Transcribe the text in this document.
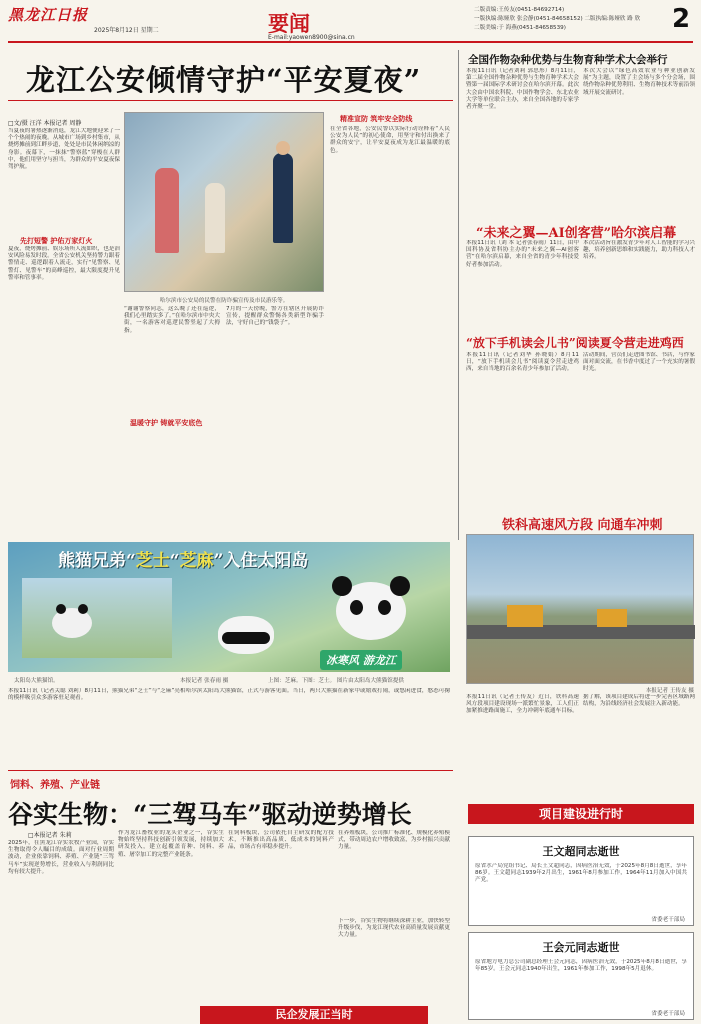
黑龙江日报
2025年8月12日 星期二	要闻
E-mail:yaowen8900@sina.cn
二版责编:王传友(0451-84692714)
一版执编:陈娅欣 张会静(0451-84658152) 二版执编:陈娅欣 路 欣
二版美编:于 海燕(0451-84658539)	2
龙江公安倾情守护“平安夏夜”
□文/摄 汪洋 本报记者 周静
当夏夜的暑热逐渐消退，龙江大地便迎来了一个个热闹的夜晚。从城市广场到乡村集市，从烧烤摊前到江畔步道，处处是市民休闲纳凉的身影。夜幕下，一抹抹“警察蓝”穿梭在人群中，他们用坚守与担当，为群众的平安夏夜保驾护航。
先打短警 护佑万家灯火
夏夜，烧烤摊前、娱乐场所人流如织，也是治安风险易发时段。全省公安机关坚持警力跟着警情走、巡逻跟着人流走，实行“见警察、见警灯、见警车”的高峰巡控，最大限度提升见警率和管事率。
哈尔滨市公安局的民警在防诈骗宣传及市民游乐等。
“谢谢警察同志，这么晚了还在巡逻，我们心里踏实多了。”在哈尔滨市中央大街，一名游客对巡逻民警竖起了大拇指。
温暖守护 铸就平安底色
7月的一天傍晚，警方在辖区开展防诈宣传，提醒群众警惕各类新型诈骗手法，守好自己的“钱袋子”。
精准宣防 筑牢安全防线
在全省各地，公安民警以实际行动诠释着“人民公安为人民”的初心使命，用坚守和付出换来了群众的安宁，让平安夏夜成为龙江最温暖的底色。
全国作物杂种优势与生物育种学术大会举行
本报11日讯（记者刘莉 郭思彤）8月11日，第二届全国作物杂种优势与生物育种学术大会暨第一届国际学术研讨会在哈尔滨开幕。此次大会由中国农科院、中国作物学会、东北农业大学等单位联合主办，来自全国各地的专家学者齐聚一堂。
本次大会以“绿色高效农业与种业创新发展”为主题，设置了主会场与多个分会场，围绕作物杂种优势利用、生物育种技术等前沿领域开展交流研讨。
“未来之翼—AI创客营”哈尔滨启幕
本报11日讯（刘 本 记者张春雨）11日，由中国科协及省科协主办的“未来之翼—AI创客营”在哈尔滨启幕，来自全省的青少年科技爱好者参加活动。
本次活动旨在激发青少年对人工智能的学习兴趣，培养创新思维和实践能力，助力科技人才培养。
“放下手机读会儿书”阅读夏令营走进鸡西
本报11日讯（记者刘华 孙晓娟）8月11日，“放下手机读会儿书”阅读夏令营走进鸡西，来自当地的百余名青少年参加了活动。
活动期间，营员们走进图书馆、书店，与作家面对面交流，在书香中度过了一个充实的暑假时光。
铁科高速风方段 向通车冲刺
本报记者 王传友 摄
本报11日讯（记者王传友）近日，铁科高速风方段项目建设现场一派繁忙景象，工人们正加紧推进路面施工，全力冲刺年底通车目标。
据了解，该项目建成后将进一步完善区域路网结构，为沿线经济社会发展注入新动能。
熊猫兄弟“芝士“芝麻”入住太阳岛
冰寒风 游龙江
太阳岛大熊猫馆。	本报记者 张春雨 摄	上图：芝麻。下图：芝士。 图片由太阳岛大熊猫馆提供
本报11日讯（记者关聪 刘莉）8月11日，熊猫兄弟“芝士”与“芝麻”亮相哈尔滨太阳岛大熊猫馆，正式与游客见面。当日，两只大熊猫在新家中或嬉戏打闹，或悠闲进食，憨态可掬的模样吸引众多游客驻足观看。
饲料、养殖、产业链
谷实生物：“三驾马车”驱动逆势增长
□本报记者 朱莉
2025年，在黑龙江谷实农牧产业园，谷实生物取得令人瞩目的成绩。面对行业周期波动，企业依靠饲料、养殖、产业链“三驾马车”实现逆势增长，营业收入与利润同比均有较大提升。
作为龙江畜牧业的龙头企业之一，谷实生物始终坚持科技创新引领发展，持续加大研发投入，建立起覆盖育种、饲料、养殖、屠宰加工的完整产业链条。
在饲料板块，公司依托自主研发的配方技术，不断推出高品质、低成本的饲料产品，市场占有率稳步提升。
在养殖板块，公司推广标准化、规模化养殖模式，带动周边农户增收致富，为乡村振兴贡献力量。
下一步，谷实生物将继续深耕主业，加快转型升级步伐，为龙江现代农业高质量发展贡献更大力量。
民企发展正当时
项目建设进行时
王文超同志逝世
原省水产局党组书记、局长王文超同志，因病医治无效，于2025年8月8日逝世，享年86岁。王文超同志1939年2月出生，1961年8月参加工作，1964年11月加入中国共产党。
省委老干部局
王会元同志逝世
原省地方电力总公司副总经理王会元同志，因病医治无效，于2025年8月8日逝世，享年85岁。王会元同志1940年出生，1961年参加工作，1998年5月退休。
省委老干部局
